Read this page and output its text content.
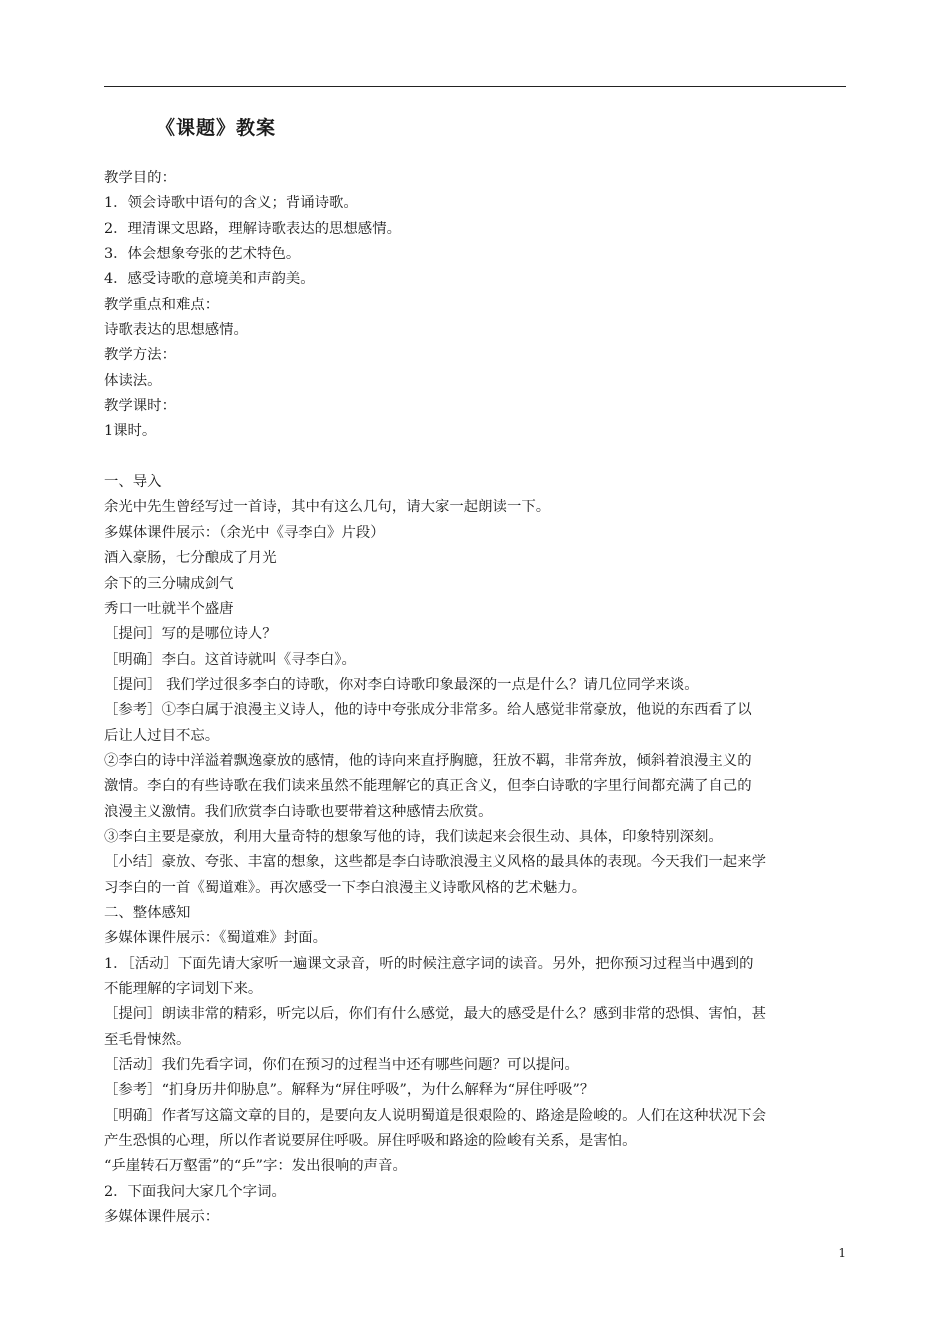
《课题》教案
教学目的：
1．领会诗歌中语句的含义；背诵诗歌。
2．理清课文思路，理解诗歌表达的思想感情。
3．体会想象夸张的艺术特色。
4．感受诗歌的意境美和声韵美。
教学重点和难点：
诗歌表达的思想感情。
教学方法：
体读法。
教学课时：
1课时。
一、导入
余光中先生曾经写过一首诗，其中有这么几句，请大家一起朗读一下。
多媒体课件展示：（余光中《寻李白》片段）
酒入豪肠，七分酿成了月光
余下的三分啸成剑气
秀口一吐就半个盛唐
［提问］写的是哪位诗人？
［明确］李白。这首诗就叫《寻李白》。
［提问］ 我们学过很多李白的诗歌，你对李白诗歌印象最深的一点是什么？请几位同学来谈。
［参考］①李白属于浪漫主义诗人，他的诗中夸张成分非常多。给人感觉非常豪放，他说的东西看了以
后让人过目不忘。
②李白的诗中洋溢着飘逸豪放的感情，他的诗向来直抒胸臆，狂放不羁，非常奔放，倾斜着浪漫主义的
激情。李白的有些诗歌在我们读来虽然不能理解它的真正含义，但李白诗歌的字里行间都充满了自己的
浪漫主义激情。我们欣赏李白诗歌也要带着这种感情去欣赏。
③李白主要是豪放，利用大量奇特的想象写他的诗，我们读起来会很生动、具体，印象特别深刻。
［小结］豪放、夸张、丰富的想象，这些都是李白诗歌浪漫主义风格的最具体的表现。今天我们一起来学
习李白的一首《蜀道难》。再次感受一下李白浪漫主义诗歌风格的艺术魅力。
二、整体感知
多媒体课件展示：《蜀道难》封面。
1．［活动］下面先请大家听一遍课文录音，听的时候注意字词的读音。另外，把你预习过程当中遇到的
不能理解的字词划下来。
［提问］朗读非常的精彩，听完以后，你们有什么感觉，最大的感受是什么？感到非常的恐惧、害怕，甚
至毛骨悚然。
［活动］我们先看字词，你们在预习的过程当中还有哪些问题？可以提问。
［参考］“扪身历井仰胁息”。解释为“屏住呼吸”，为什么解释为“屏住呼吸”？
［明确］作者写这篇文章的目的，是要向友人说明蜀道是很艰险的、路途是险峻的。人们在这种状况下会
产生恐惧的心理，所以作者说要屏住呼吸。屏住呼吸和路途的险峻有关系，是害怕。
“乒崖转石万壑雷”的“乒”字：发出很响的声音。
2．下面我问大家几个字词。
多媒体课件展示：
1
